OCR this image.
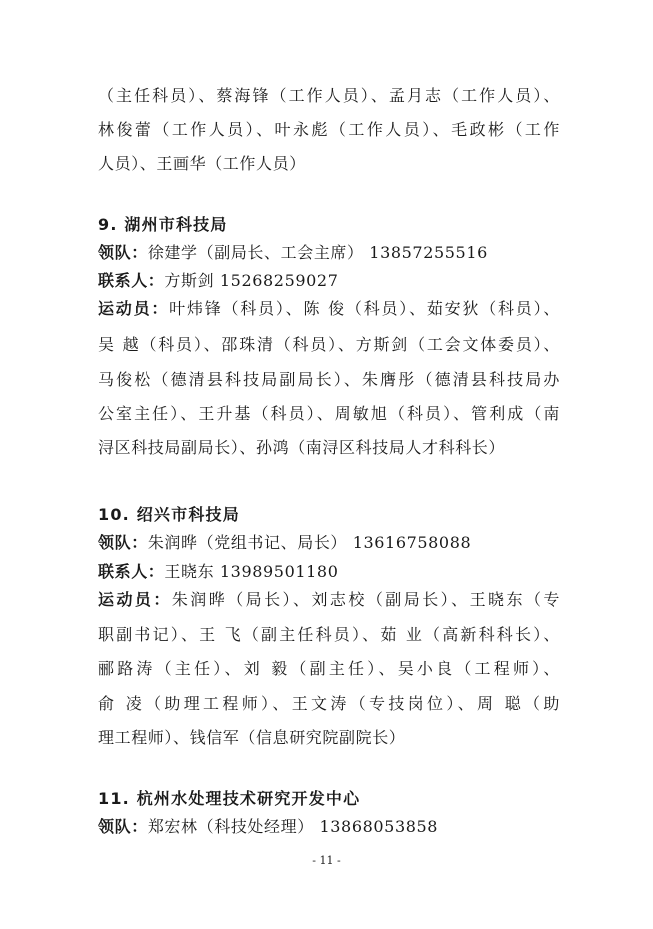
（主任科员）、蔡海锋（工作人员）、孟月志（工作人员）、
林俊蕾（工作人员）、叶永彪（工作人员）、毛政彬（工作
人员）、王画华（工作人员）
9. 湖州市科技局
领队：徐建学（副局长、工会主席） 13857255516
联系人：方斯剑 15268259027
运动员：叶炜锋（科员）、陈 俊（科员）、茹安狄（科员）、
吴 越（科员）、邵珠清（科员）、方斯剑（工会文体委员）、
马俊松（德清县科技局副局长）、朱膺彤（德清县科技局办
公室主任）、王升基（科员）、周敏旭（科员）、管利成（南
浔区科技局副局长）、孙鸿（南浔区科技局人才科科长）
10. 绍兴市科技局
领队：朱润晔（党组书记、局长） 13616758088
联系人：王晓东 13989501180
运动员：朱润晔（局长）、刘志校（副局长）、王晓东（专
职副书记）、王 飞（副主任科员）、茹 业（高新科科长）、
郦路涛（主任）、刘 毅（副主任）、吴小良（工程师）、
俞 凌（助理工程师）、王文涛（专技岗位）、周 聪（助
理工程师）、钱信军（信息研究院副院长）
11. 杭州水处理技术研究开发中心
领队：郑宏林（科技处经理） 13868053858
- 11 -
